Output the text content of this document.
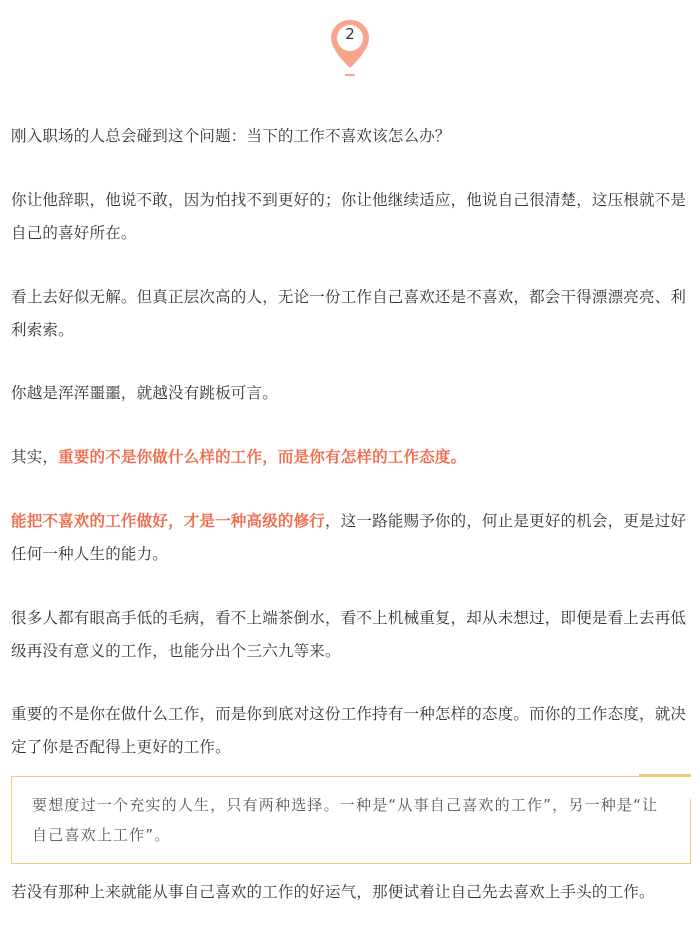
2

刚入职场的人总会碰到这个问题：当下的工作不喜欢该怎么办？

你让他辞职，他说不敢，因为怕找不到更好的；你让他继续适应，他说自己很清楚，这压根就不是自己的喜好所在。

看上去好似无解。但真正层次高的人，无论一份工作自己喜欢还是不喜欢，都会干得漂漂亮亮、利利索索。

你越是浑浑噩噩，就越没有跳板可言。

其实，重要的不是你做什么样的工作，而是你有怎样的工作态度。

能把不喜欢的工作做好，才是一种高级的修行，这一路能赐予你的，何止是更好的机会，更是过好任何一种人生的能力。

很多人都有眼高手低的毛病，看不上端茶倒水，看不上机械重复，却从未想过，即便是看上去再低级再没有意义的工作，也能分出个三六九等来。

重要的不是你在做什么工作，而是你到底对这份工作持有一种怎样的态度。而你的工作态度，就决定了你是否配得上更好的工作。

要想度过一个充实的人生，只有两种选择。一种是“从事自己喜欢的工作”，另一种是“让自己喜欢上工作”。

若没有那种上来就能从事自己喜欢的工作的好运气，那便试着让自己先去喜欢上手头的工作。
